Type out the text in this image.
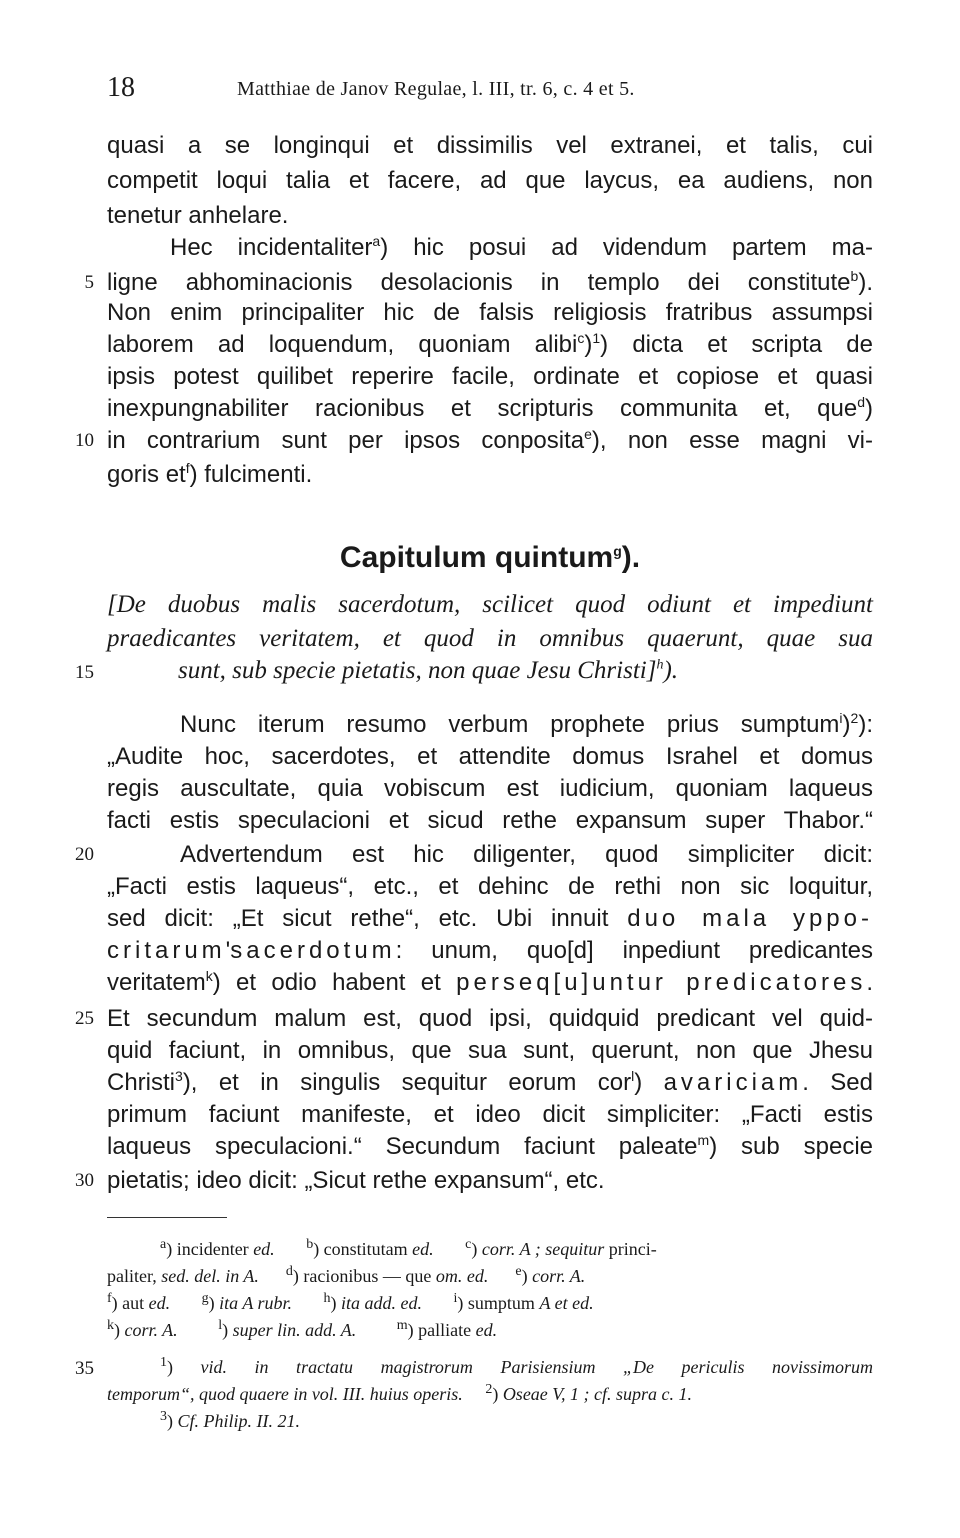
18	Matthiae de Janov Regulae, l. III, tr. 6, c. 4 et 5.
quasi a se longinqui et dissimilis vel extranei, et talis, cui
competit loqui talia et facere, ad que laycus, ea audiens, non
tenetur anhelare.
Hec incidentaliter$^a$) hic posui ad videndum partem ma-
5 ligne abhominacionis desolacionis in templo dei constitute$^b$).
Non enim principaliter hic de falsis religiosis fratribus assumpsi
laborem ad loquendum, quoniam alibi$^c$)$^1$) dicta et scripta de
ipsis potest quilibet reperire facile, ordinate et copiose et quasi
inexpungnabiliter racionibus et scripturis communita et, que$^d$)
10 in contrarium sunt per ipsos conposita$^e$), non esse magni vi-
goris et$^f$) fulcimenti.
Capitulum quintum$^g$).
[De duobus malis sacerdotum, scilicet quod odiunt et impediunt
praedicantes veritatem, et quod in omnibus quaerunt, quae sua
15	sunt, sub specie pietatis, non quae Jesu Christi]$^h$).
Nunc iterum resumo verbum prophete prius sumptum$^i$)$^2$):
„Audite hoc, sacerdotes, et attendite domus Israhel et domus
regis auscultate, quia vobiscum est iudicium, quoniam laqueus
facti estis speculacioni et sicud rethe expansum super Thabor.“
20	Advertendum est hic diligenter, quod simpliciter dicit:
„Facti estis laqueus“, etc., et dehinc de rethi non sic loquitur,
sed dicit: „Et sicut rethe“, etc. Ubi innuit duo mala yppo-
critarum'sacerdotum: unum, quo[d] inpediunt predicantes
veritatem$^k$) et odio habent et perseq[u]untur predicatores.
25 Et secundum malum est, quod ipsi, quidquid predicant vel quid-
quid faciunt, in omnibus, que sua sunt, querunt, non que Jhesu
Christi$^3$), et in singulis sequitur eorum cor$^l$) avariciam. Sed
primum faciunt manifeste, et ideo dicit simpliciter: „Facti estis
laqueus speculacioni.“ Secundum faciunt paleate$^m$) sub specie
30 pietatis; ideo dicit: „Sicut rethe expansum“, etc.
$^a$) incidenter ed. $^b$) constitutam ed. $^c$) corr. A ; sequitur princi-
paliter, sed. del. in A. $^d$) racionibus — que om. ed. $^e$) corr. A.
$^f$) aut ed. $^g$) ita A rubr. $^h$) ita add. ed. $^i$) sumptum A et ed.
$^k$) corr. A.	$^l$) super lin. add. A.	$^m$) palliate ed.
35	$^1$) vid. in tractatu magistrorum Parisiensium „De periculis novissimorum
temporum“, quod quaere in vol. III. huius operis. $^2$) Oseae V, 1 ; cf. supra c. 1.
$^3$) Cf. Philip. II. 21.
